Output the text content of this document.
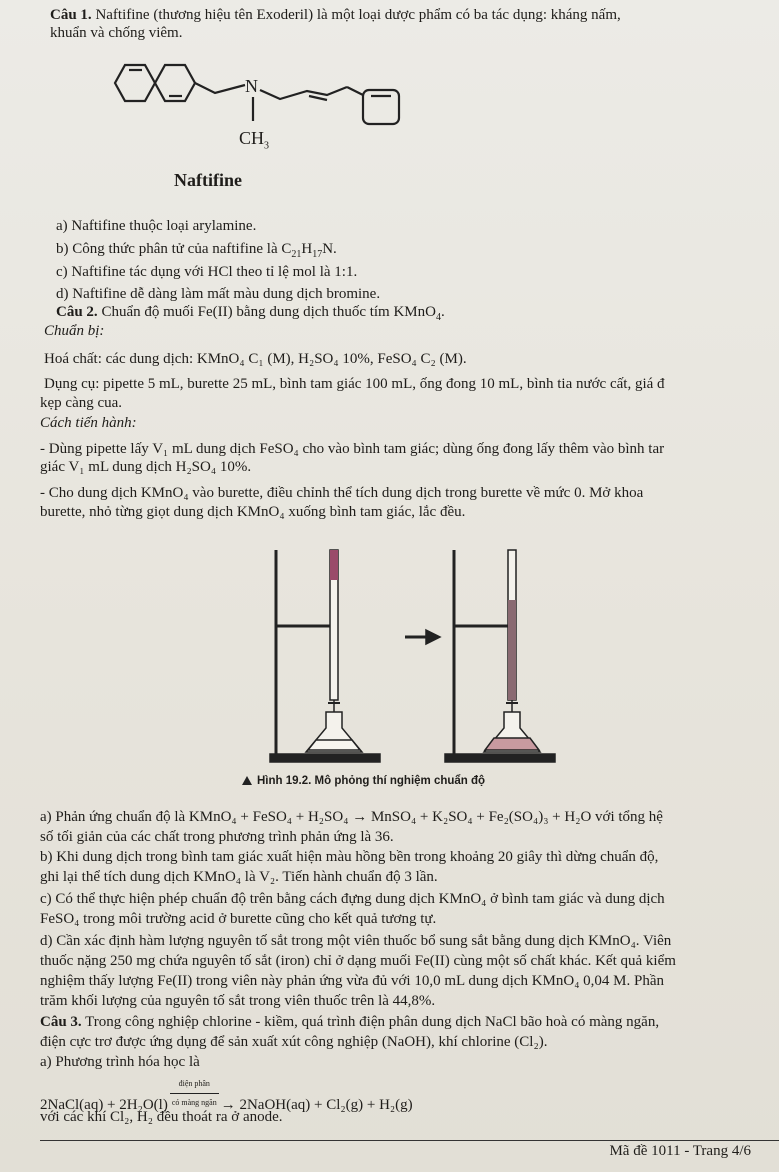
Câu 1. Naftifine (thương hiệu tên Exoderil) là một loại dược phẩm có ba tác dụng: kháng nấm,
khuẩn và chống viêm.
N
$CH_3$
Naftifine
a) Naftifine thuộc loại arylamine.
b) Công thức phân tử của naftifine là $C_{21}H_{17}N$.
c) Naftifine tác dụng với HCl theo tỉ lệ mol là 1:1.
d) Naftifine dễ dàng làm mất màu dung dịch bromine.
Câu 2. Chuẩn độ muối Fe(II) bằng dung dịch thuốc tím KMnO$_4$.
Chuẩn bị:
Hoá chất: các dung dịch: KMnO₄ C₁ (M), H₂SO₄ 10%, FeSO₄ C₂ (M).
Dụng cụ: pipette 5 mL, burette 25 mL, bình tam giác 100 mL, ống đong 10 mL, bình tia nước cất, giá đ
kẹp càng cua.
Cách tiến hành:
- Dùng pipette lấy V₁ mL dung dịch FeSO₄ cho vào bình tam giác; dùng ống đong lấy thêm vào bình tar
giác V₁ mL dung dịch H₂SO₄ 10%.
- Cho dung dịch KMnO₄ vào burette, điều chỉnh thể tích dung dịch trong burette về mức 0. Mở khoa
burette, nhỏ từng giọt dung dịch KMnO₄ xuống bình tam giác, lắc đều.
Hình 19.2. Mô phỏng thí nghiệm chuẩn độ
a) Phản ứng chuẩn độ là KMnO₄ + FeSO₄ + H₂SO₄ → MnSO₄ + K₂SO₄ + Fe₂(SO₄)₃ + H₂O với tổng hệ
số tối giản của các chất trong phương trình phản ứng là 36.
b) Khi dung dịch trong bình tam giác xuất hiện màu hồng bền trong khoảng 20 giây thì dừng chuẩn độ,
ghi lại thể tích dung dịch KMnO₄ là V₂. Tiến hành chuẩn độ 3 lần.
c) Có thể thực hiện phép chuẩn độ trên bằng cách đựng dung dịch KMnO₄ ở bình tam giác và dung dịch
FeSO₄ trong môi trường acid ở burette cũng cho kết quả tương tự.
d) Cần xác định hàm lượng nguyên tố sắt trong một viên thuốc bổ sung sắt bằng dung dịch KMnO₄. Viên
thuốc nặng 250 mg chứa nguyên tố sắt (iron) chỉ ở dạng muối Fe(II) cùng một số chất khác. Kết quả kiểm
nghiệm thấy lượng Fe(II) trong viên này phản ứng vừa đủ với 10,0 mL dung dịch KMnO₄ 0,04 M. Phần
trăm khối lượng của nguyên tố sắt trong viên thuốc trên là 44,8%.
Câu 3. Trong công nghiệp chlorine - kiềm, quá trình điện phân dung dịch NaCl bão hoà có màng ngăn,
điện cực trơ được ứng dụng để sản xuất xút công nghiệp (NaOH), khí chlorine (Cl₂).
a) Phương trình hóa học là
2NaCl(aq) + $2H_2O(l) \frac{\text{điện phân}}{\text{có màng ngăn}}$ → 2NaOH(aq) + Cl₂(g) + H₂(g)
với các khí Cl₂, H₂ đều thoát ra ở anode.
Mã đề 1011 - Trang 4/6
